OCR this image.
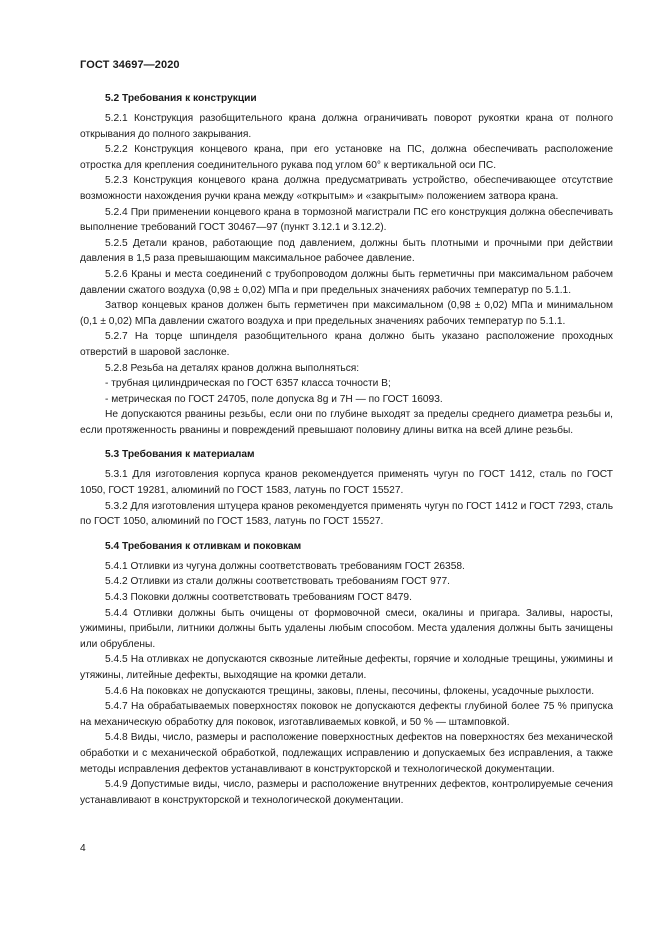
ГОСТ 34697—2020
5.2 Требования к конструкции

5.2.1 Конструкция разобщительного крана должна ограничивать поворот рукоятки крана от полного открывания до полного закрывания.

5.2.2 Конструкция концевого крана, при его установке на ПС, должна обеспечивать расположение отростка для крепления соединительного рукава под углом 60° к вертикальной оси ПС.

5.2.3 Конструкция концевого крана должна предусматривать устройство, обеспечивающее отсутствие возможности нахождения ручки крана между «открытым» и «закрытым» положением затвора крана.

5.2.4 При применении концевого крана в тормозной магистрали ПС его конструкция должна обеспечивать выполнение требований ГОСТ 30467—97 (пункт 3.12.1 и 3.12.2).

5.2.5 Детали кранов, работающие под давлением, должны быть плотными и прочными при действии давления в 1,5 раза превышающим максимальное рабочее давление.

5.2.6 Краны и места соединений с трубопроводом должны быть герметичны при максимальном рабочем давлении сжатого воздуха (0,98 ± 0,02) МПа и при предельных значениях рабочих температур по 5.1.1.

Затвор концевых кранов должен быть герметичен при максимальном (0,98 ± 0,02) МПа и минимальном (0,1 ± 0,02) МПа давлении сжатого воздуха и при предельных значениях рабочих температур по 5.1.1.

5.2.7 На торце шпинделя разобщительного крана должно быть указано расположение проходных отверстий в шаровой заслонке.

5.2.8 Резьба на деталях кранов должна выполняться:

- трубная цилиндрическая по ГОСТ 6357 класса точности В;

- метрическая по ГОСТ 24705, поле допуска 8g и 7H — по ГОСТ 16093.

Не допускаются рванины резьбы, если они по глубине выходят за пределы среднего диаметра резьбы и, если протяженность рванины и повреждений превышают половину длины витка на всей длине резьбы.

5.3 Требования к материалам

5.3.1 Для изготовления корпуса кранов рекомендуется применять чугун по ГОСТ 1412, сталь по ГОСТ 1050, ГОСТ 19281, алюминий по ГОСТ 1583, латунь по ГОСТ 15527.

5.3.2 Для изготовления штуцера кранов рекомендуется применять чугун по ГОСТ 1412 и ГОСТ 7293, сталь по ГОСТ 1050, алюминий по ГОСТ 1583, латунь по ГОСТ 15527.

5.4 Требования к отливкам и поковкам

5.4.1 Отливки из чугуна должны соответствовать требованиям ГОСТ 26358.

5.4.2 Отливки из стали должны соответствовать требованиям ГОСТ 977.

5.4.3 Поковки должны соответствовать требованиям ГОСТ 8479.

5.4.4 Отливки должны быть очищены от формовочной смеси, окалины и пригара. Заливы, наросты, ужимины, прибыли, литники должны быть удалены любым способом. Места удаления должны быть зачищены или обрублены.

5.4.5 На отливках не допускаются сквозные литейные дефекты, горячие и холодные трещины, ужимины и утяжины, литейные дефекты, выходящие на кромки детали.

5.4.6 На поковках не допускаются трещины, заковы, плены, песочины, флокены, усадочные рыхлости.

5.4.7 На обрабатываемых поверхностях поковок не допускаются дефекты глубиной более 75 % припуска на механическую обработку для поковок, изготавливаемых ковкой, и 50 % — штамповкой.

5.4.8 Виды, число, размеры и расположение поверхностных дефектов на поверхностях без механической обработки и с механической обработкой, подлежащих исправлению и допускаемых без исправления, а также методы исправления дефектов устанавливают в конструкторской и технологической документации.

5.4.9 Допустимые виды, число, размеры и расположение внутренних дефектов, контролируемые сечения устанавливают в конструкторской и технологической документации.

4
